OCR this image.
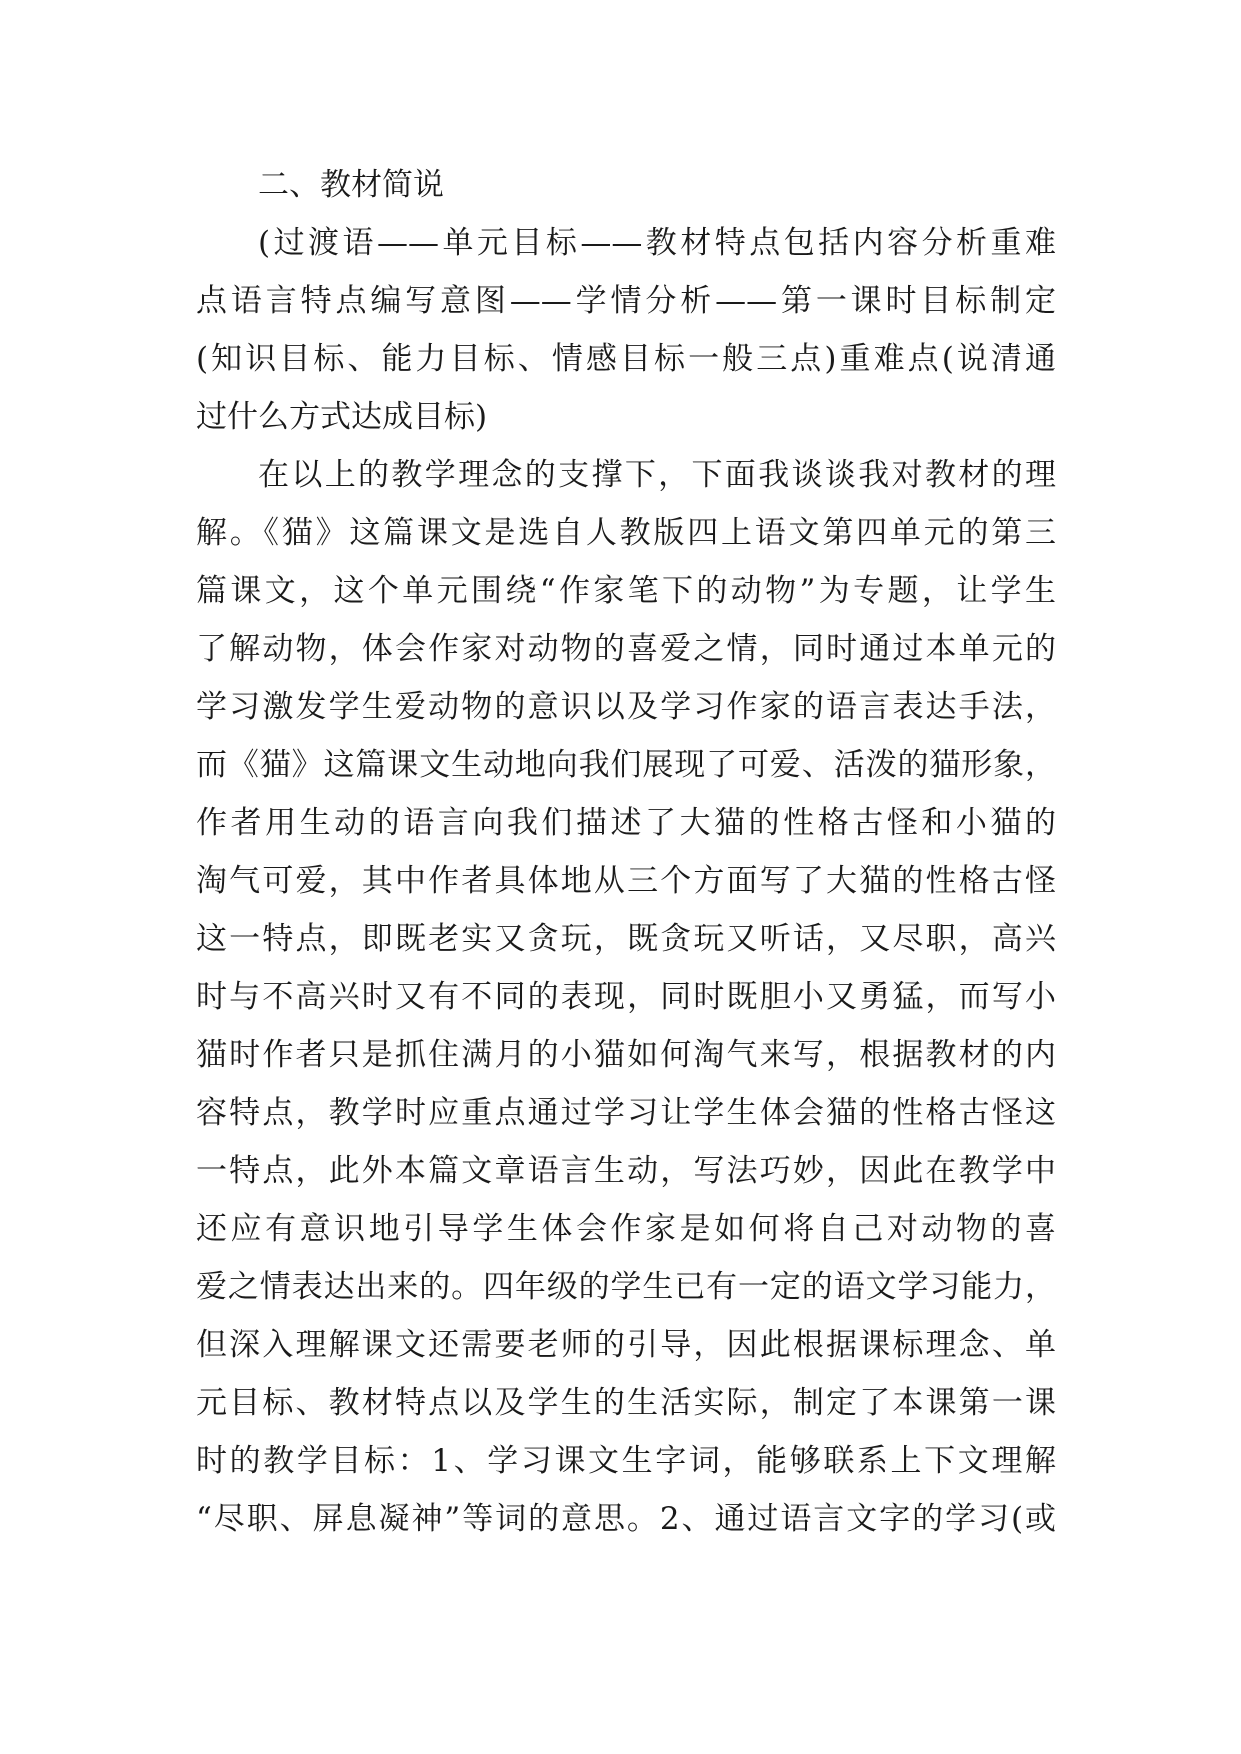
二、教材简说
(过渡语——单元目标——教材特点包括内容分析重难
点语言特点编写意图——学情分析——第一课时目标制定
(知识目标、能力目标、情感目标一般三点)重难点(说清通
过什么方式达成目标)
在以上的教学理念的支撑下，下面我谈谈我对教材的理
解。《猫》这篇课文是选自人教版四上语文第四单元的第三
篇课文，这个单元围绕“作家笔下的动物”为专题，让学生
了解动物，体会作家对动物的喜爱之情，同时通过本单元的
学习激发学生爱动物的意识以及学习作家的语言表达手法，
而《猫》这篇课文生动地向我们展现了可爱、活泼的猫形象，
作者用生动的语言向我们描述了大猫的性格古怪和小猫的
淘气可爱，其中作者具体地从三个方面写了大猫的性格古怪
这一特点，即既老实又贪玩，既贪玩又听话，又尽职，高兴
时与不高兴时又有不同的表现，同时既胆小又勇猛，而写小
猫时作者只是抓住满月的小猫如何淘气来写，根据教材的内
容特点，教学时应重点通过学习让学生体会猫的性格古怪这
一特点，此外本篇文章语言生动，写法巧妙，因此在教学中
还应有意识地引导学生体会作家是如何将自己对动物的喜
爱之情表达出来的。四年级的学生已有一定的语文学习能力，
但深入理解课文还需要老师的引导，因此根据课标理念、单
元目标、教材特点以及学生的生活实际，制定了本课第一课
时的教学目标：1、学习课文生字词，能够联系上下文理解
“尽职、屏息凝神”等词的意思。2、通过语言文字的学习(或
